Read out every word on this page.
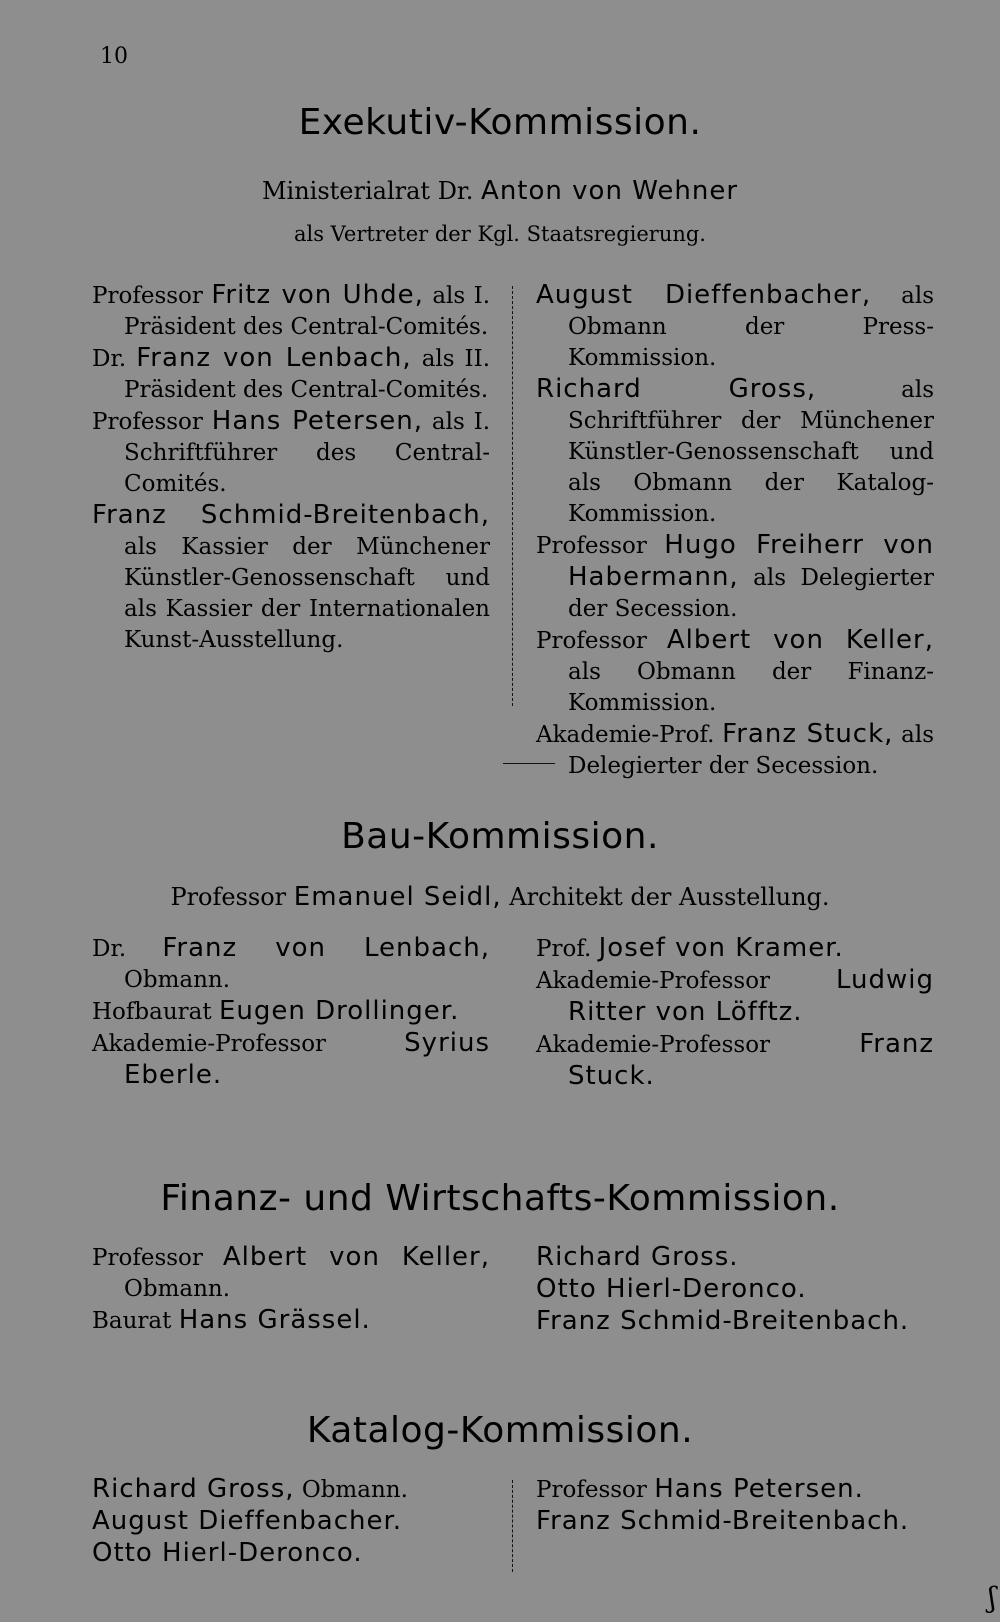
10
Exekutiv-Kommission.
Ministerialrat Dr. Anton von Wehner
als Vertreter der Kgl. Staatsregierung.
Professor Fritz von Uhde, als I. Präsident des Central-Comités.
Dr. Franz von Lenbach, als II. Präsident des Central-Comités.
Professor Hans Petersen, als I. Schriftführer des Central-Comités.
Franz Schmid-Breitenbach, als Kassier der Münchener Künstler-Genossenschaft und als Kassier der Internationalen Kunst-Ausstellung.
August Dieffenbacher, als Obmann der Press-Kommission.
Richard Gross,	als Schriftführer der Münchener Künstler-Genossenschaft und als Obmann der Katalog-Kommission.
Professor Hugo Freiherr von Habermann, als Delegierter der Secession.
Professor Albert von Keller, als Obmann der Finanz-Kommission.
Akademie-Prof. Franz Stuck, als Delegierter der Secession.
Bau-Kommission.
Professor Emanuel Seidl, Architekt der Ausstellung.
Dr. Franz von Lenbach, Obmann.
Hofbaurat Eugen Drollinger.
Akademie-Professor	Syrius Eberle.
Prof. Josef von Kramer.
Akademie-Professor	Ludwig Ritter von Löfftz.
Akademie-Professor	Franz Stuck.
Finanz- und Wirtschafts-Kommission.
Professor Albert von Keller, Obmann.
Baurat Hans Grässel.
Richard Gross.
Otto Hierl-Deronco.
Franz Schmid-Breitenbach.
Katalog-Kommission.
Richard Gross, Obmann.
August Dieffenbacher.
Otto Hierl-Deronco.
Professor Hans Petersen.
Franz Schmid-Breitenbach.
ʃ
